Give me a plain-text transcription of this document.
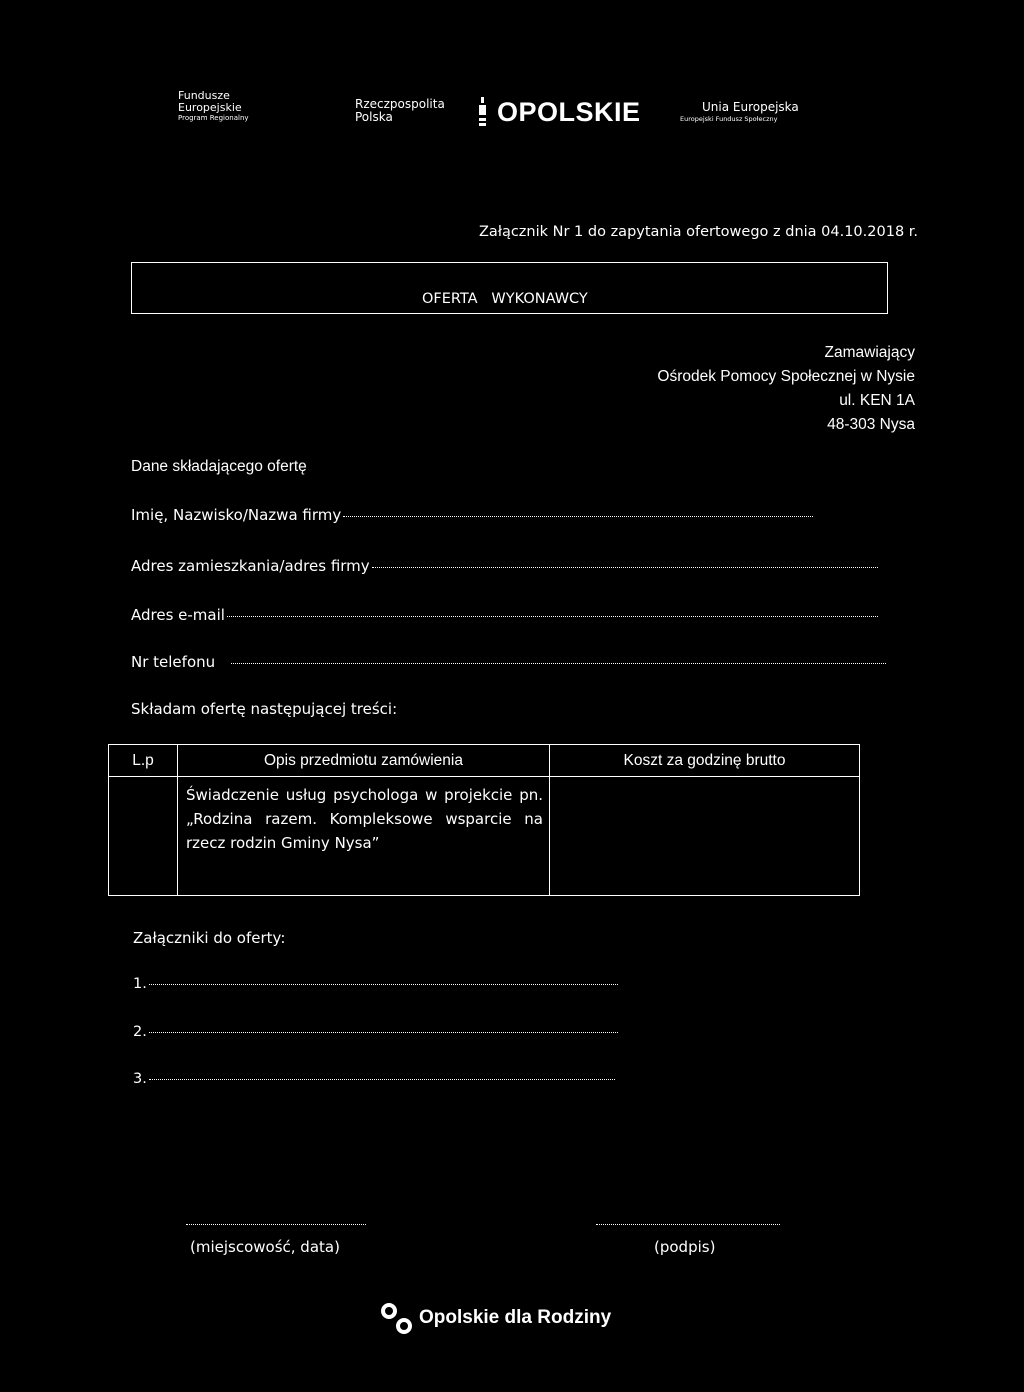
Fundusze
Europejskie
Program Regionalny
Rzeczpospolita
Polska	OPOLSKIE	Unia Europejska
Europejski Fundusz Społeczny
Załącznik Nr 1 do zapytania ofertowego z dnia 04.10.2018 r.
OFERTA   WYKONAWCY
Zamawiający
Ośrodek Pomocy Społecznej w Nysie
ul. KEN 1A
48-303 Nysa
Dane składającego ofertę
Imię, Nazwisko/Nazwa firmy
Adres zamieszkania/adres firmy
Adres e-mail
Nr telefonu
Składam ofertę następującej treści:
L.p	Opis przedmiotu zamówienia	Koszt za godzinę brutto

	Świadczenie usług psychologa w projekcie pn. „Rodzina razem. Kompleksowe wsparcie na rzecz rodzin Gminy Nysa”	

Załączniki do oferty:
1.
2.
3.
(miejscowość, data)	(podpis)
Opolskie dla Rodziny
